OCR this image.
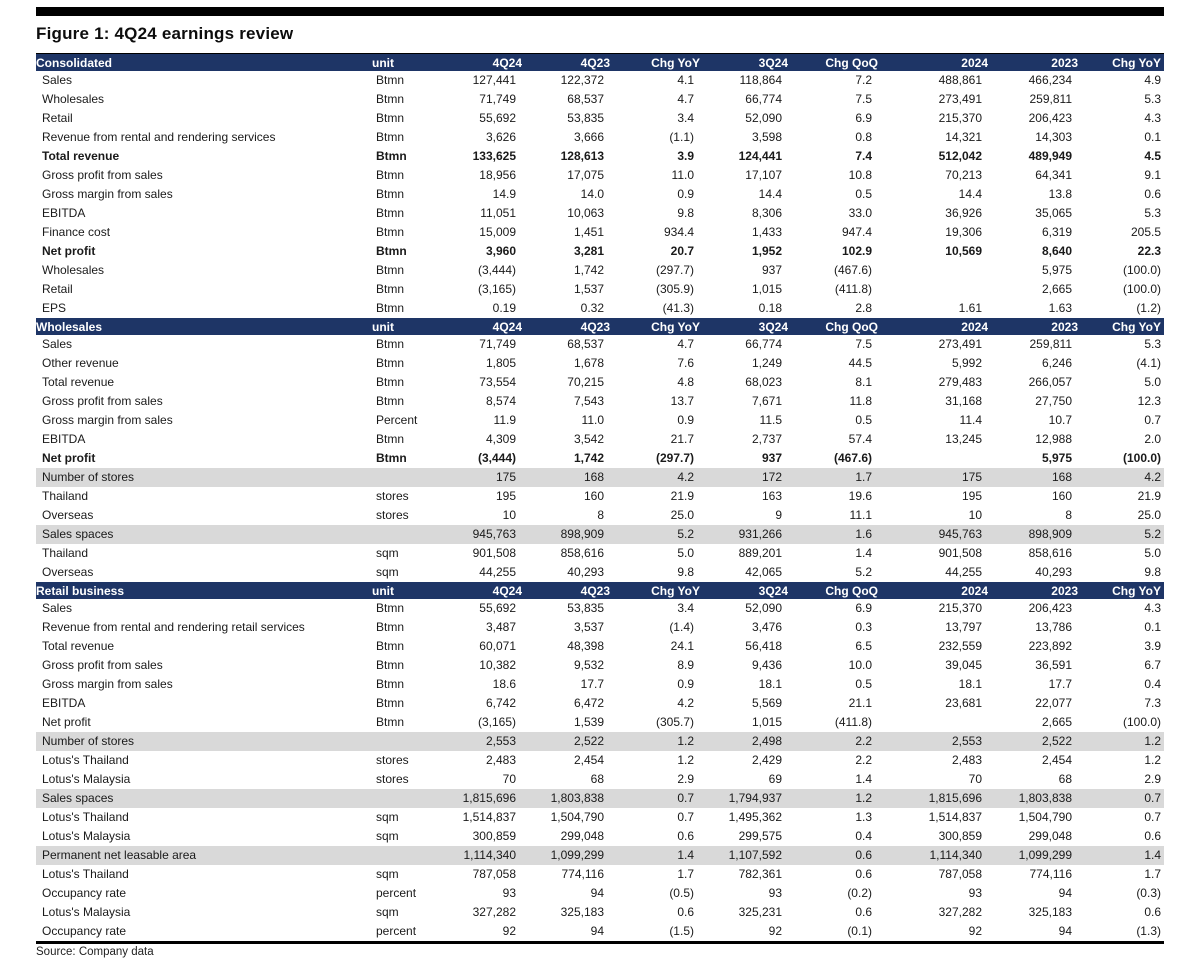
Figure 1: 4Q24 earnings review
Consolidated	unit	4Q24	4Q23	Chg YoY	3Q24	Chg QoQ	2024	2023	Chg YoY
Sales	Btmn	127,441	122,372	4.1	118,864	7.2	488,861	466,234	4.9
Wholesales	Btmn	71,749	68,537	4.7	66,774	7.5	273,491	259,811	5.3
Retail	Btmn	55,692	53,835	3.4	52,090	6.9	215,370	206,423	4.3
Revenue from rental and rendering services	Btmn	3,626	3,666	(1.1)	3,598	0.8	14,321	14,303	0.1
Total revenue	Btmn	133,625	128,613	3.9	124,441	7.4	512,042	489,949	4.5
Gross profit from sales	Btmn	18,956	17,075	11.0	17,107	10.8	70,213	64,341	9.1
Gross margin from sales	Btmn	14.9	14.0	0.9	14.4	0.5	14.4	13.8	0.6
EBITDA	Btmn	11,051	10,063	9.8	8,306	33.0	36,926	35,065	5.3
Finance cost	Btmn	15,009	1,451	934.4	1,433	947.4	19,306	6,319	205.5
Net profit	Btmn	3,960	3,281	20.7	1,952	102.9	10,569	8,640	22.3
Wholesales	Btmn	(3,444)	1,742	(297.7)	937	(467.6)		5,975	(100.0)
Retail	Btmn	(3,165)	1,537	(305.9)	1,015	(411.8)		2,665	(100.0)
EPS	Btmn	0.19	0.32	(41.3)	0.18	2.8	1.61	1.63	(1.2)
Wholesales	unit	4Q24	4Q23	Chg YoY	3Q24	Chg QoQ	2024	2023	Chg YoY
Sales	Btmn	71,749	68,537	4.7	66,774	7.5	273,491	259,811	5.3
Other revenue	Btmn	1,805	1,678	7.6	1,249	44.5	5,992	6,246	(4.1)
Total revenue	Btmn	73,554	70,215	4.8	68,023	8.1	279,483	266,057	5.0
Gross profit from sales	Btmn	8,574	7,543	13.7	7,671	11.8	31,168	27,750	12.3
Gross margin from sales	Percent	11.9	11.0	0.9	11.5	0.5	11.4	10.7	0.7
EBITDA	Btmn	4,309	3,542	21.7	2,737	57.4	13,245	12,988	2.0
Net profit	Btmn	(3,444)	1,742	(297.7)	937	(467.6)		5,975	(100.0)
Number of stores		175	168	4.2	172	1.7	175	168	4.2
Thailand	stores	195	160	21.9	163	19.6	195	160	21.9
Overseas	stores	10	8	25.0	9	11.1	10	8	25.0
Sales spaces		945,763	898,909	5.2	931,266	1.6	945,763	898,909	5.2
Thailand	sqm	901,508	858,616	5.0	889,201	1.4	901,508	858,616	5.0
Overseas	sqm	44,255	40,293	9.8	42,065	5.2	44,255	40,293	9.8
Retail business	unit	4Q24	4Q23	Chg YoY	3Q24	Chg QoQ	2024	2023	Chg YoY
Sales	Btmn	55,692	53,835	3.4	52,090	6.9	215,370	206,423	4.3
Revenue from rental and rendering retail services	Btmn	3,487	3,537	(1.4)	3,476	0.3	13,797	13,786	0.1
Total revenue	Btmn	60,071	48,398	24.1	56,418	6.5	232,559	223,892	3.9
Gross profit from sales	Btmn	10,382	9,532	8.9	9,436	10.0	39,045	36,591	6.7
Gross margin from sales	Btmn	18.6	17.7	0.9	18.1	0.5	18.1	17.7	0.4
EBITDA	Btmn	6,742	6,472	4.2	5,569	21.1	23,681	22,077	7.3
Net profit	Btmn	(3,165)	1,539	(305.7)	1,015	(411.8)		2,665	(100.0)
Number of stores		2,553	2,522	1.2	2,498	2.2	2,553	2,522	1.2
Lotus's Thailand	stores	2,483	2,454	1.2	2,429	2.2	2,483	2,454	1.2
Lotus's Malaysia	stores	70	68	2.9	69	1.4	70	68	2.9
Sales spaces		1,815,696	1,803,838	0.7	1,794,937	1.2	1,815,696	1,803,838	0.7
Lotus's Thailand	sqm	1,514,837	1,504,790	0.7	1,495,362	1.3	1,514,837	1,504,790	0.7
Lotus's Malaysia	sqm	300,859	299,048	0.6	299,575	0.4	300,859	299,048	0.6
Permanent net leasable area		1,114,340	1,099,299	1.4	1,107,592	0.6	1,114,340	1,099,299	1.4
Lotus's Thailand	sqm	787,058	774,116	1.7	782,361	0.6	787,058	774,116	1.7
Occupancy rate	percent	93	94	(0.5)	93	(0.2)	93	94	(0.3)
Lotus's Malaysia	sqm	327,282	325,183	0.6	325,231	0.6	327,282	325,183	0.6
Occupancy rate	percent	92	94	(1.5)	92	(0.1)	92	94	(1.3)
Source: Company data
